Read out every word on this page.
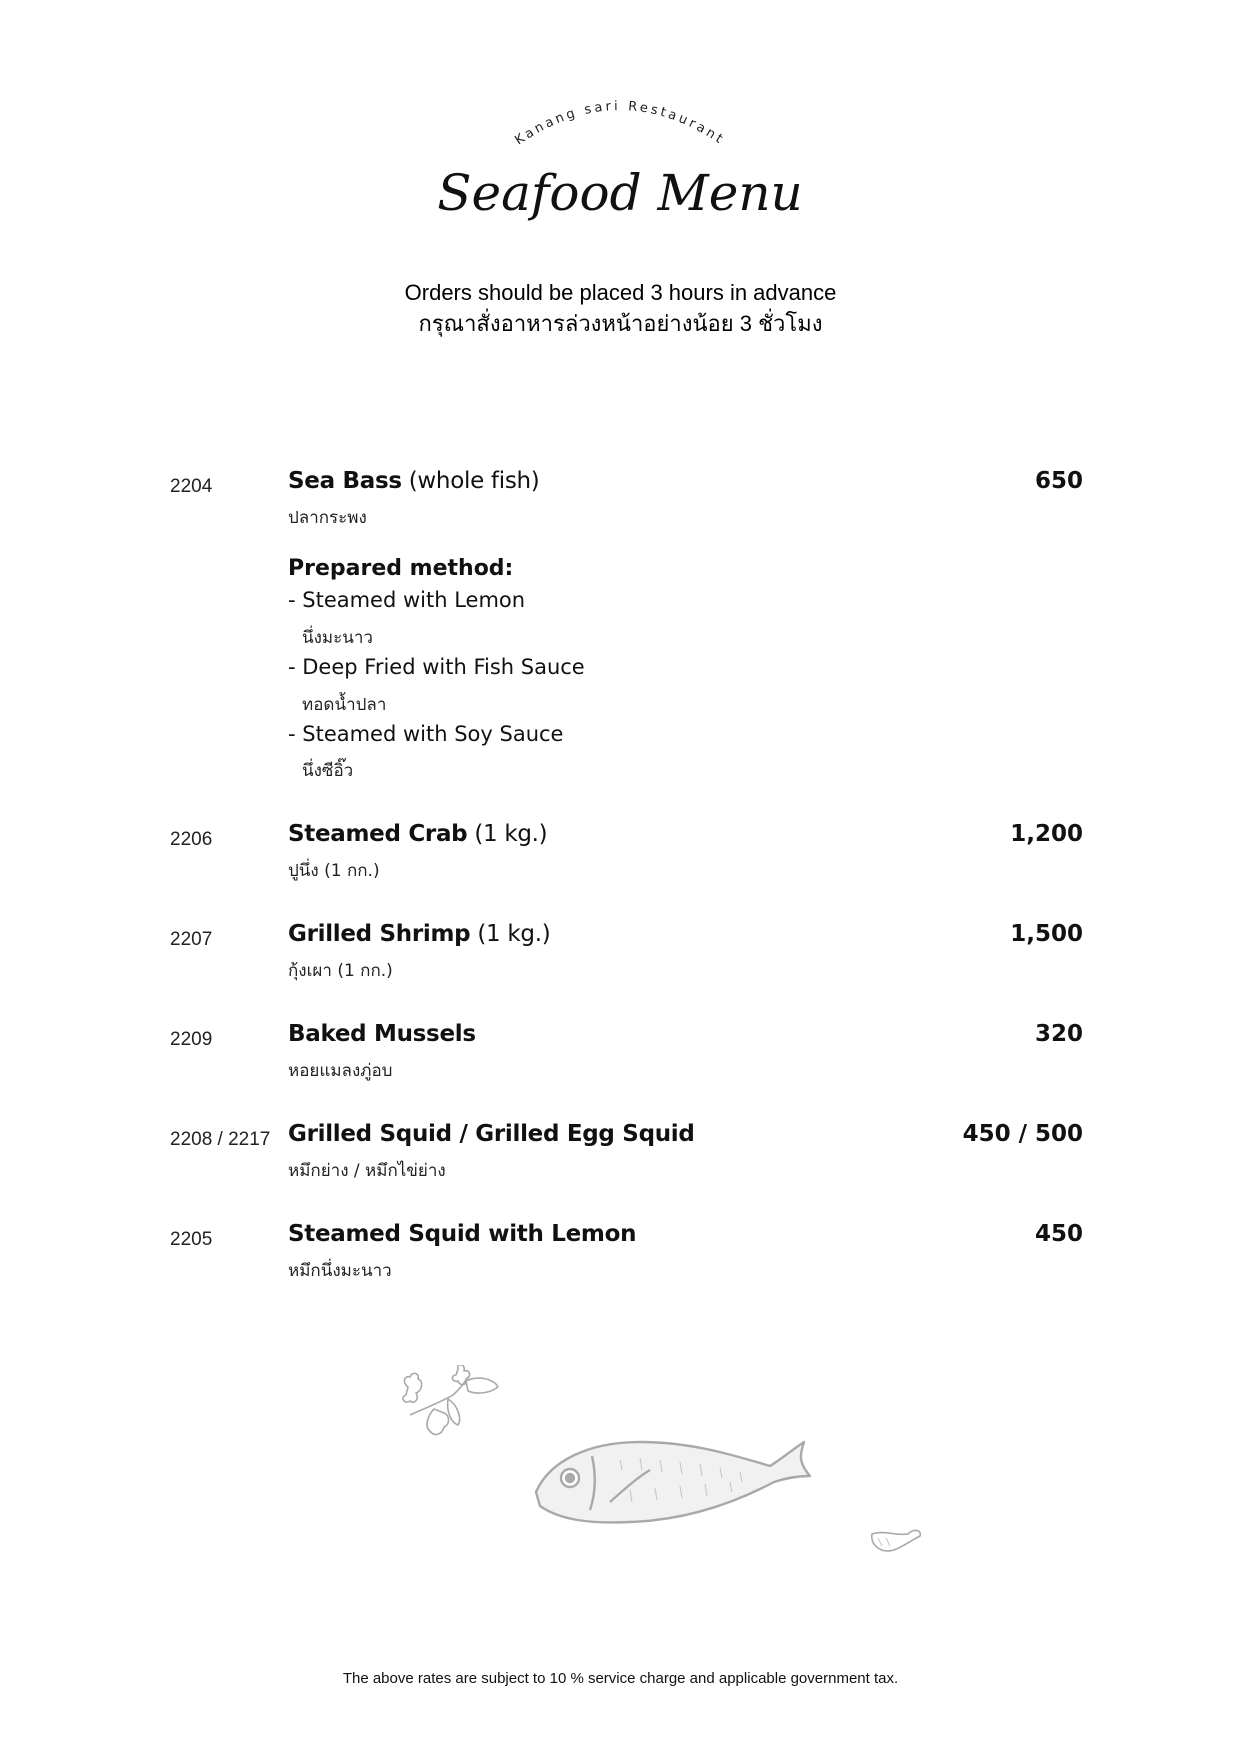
Kanang sari Restaurant
Seafood Menu
Orders should be placed 3 hours in advance
กรุณาสั่งอาหารล่วงหน้าอย่างน้อย 3 ชั่วโมง
2204	Sea Bass (whole fish)
ปลากระพง
650
Prepared method:
- Steamed with Lemon
นึ่งมะนาว
- Deep Fried with Fish Sauce
ทอดน้ำปลา
- Steamed with Soy Sauce
นึ่งซีอิ๊ว
2206	Steamed Crab (1 kg.)
ปูนึ่ง (1 กก.)
1,200
2207	Grilled Shrimp (1 kg.)
กุ้งเผา (1 กก.)
1,500
2209	Baked Mussels
หอยแมลงภู่อบ
320
2208 / 2217 Grilled Squid / Grilled Egg Squid
หมึกย่าง / หมึกไข่ย่าง
450 / 500
2205	Steamed Squid with Lemon
หมึกนึ่งมะนาว
450
The above rates are subject to 10 % service charge and applicable government tax.
